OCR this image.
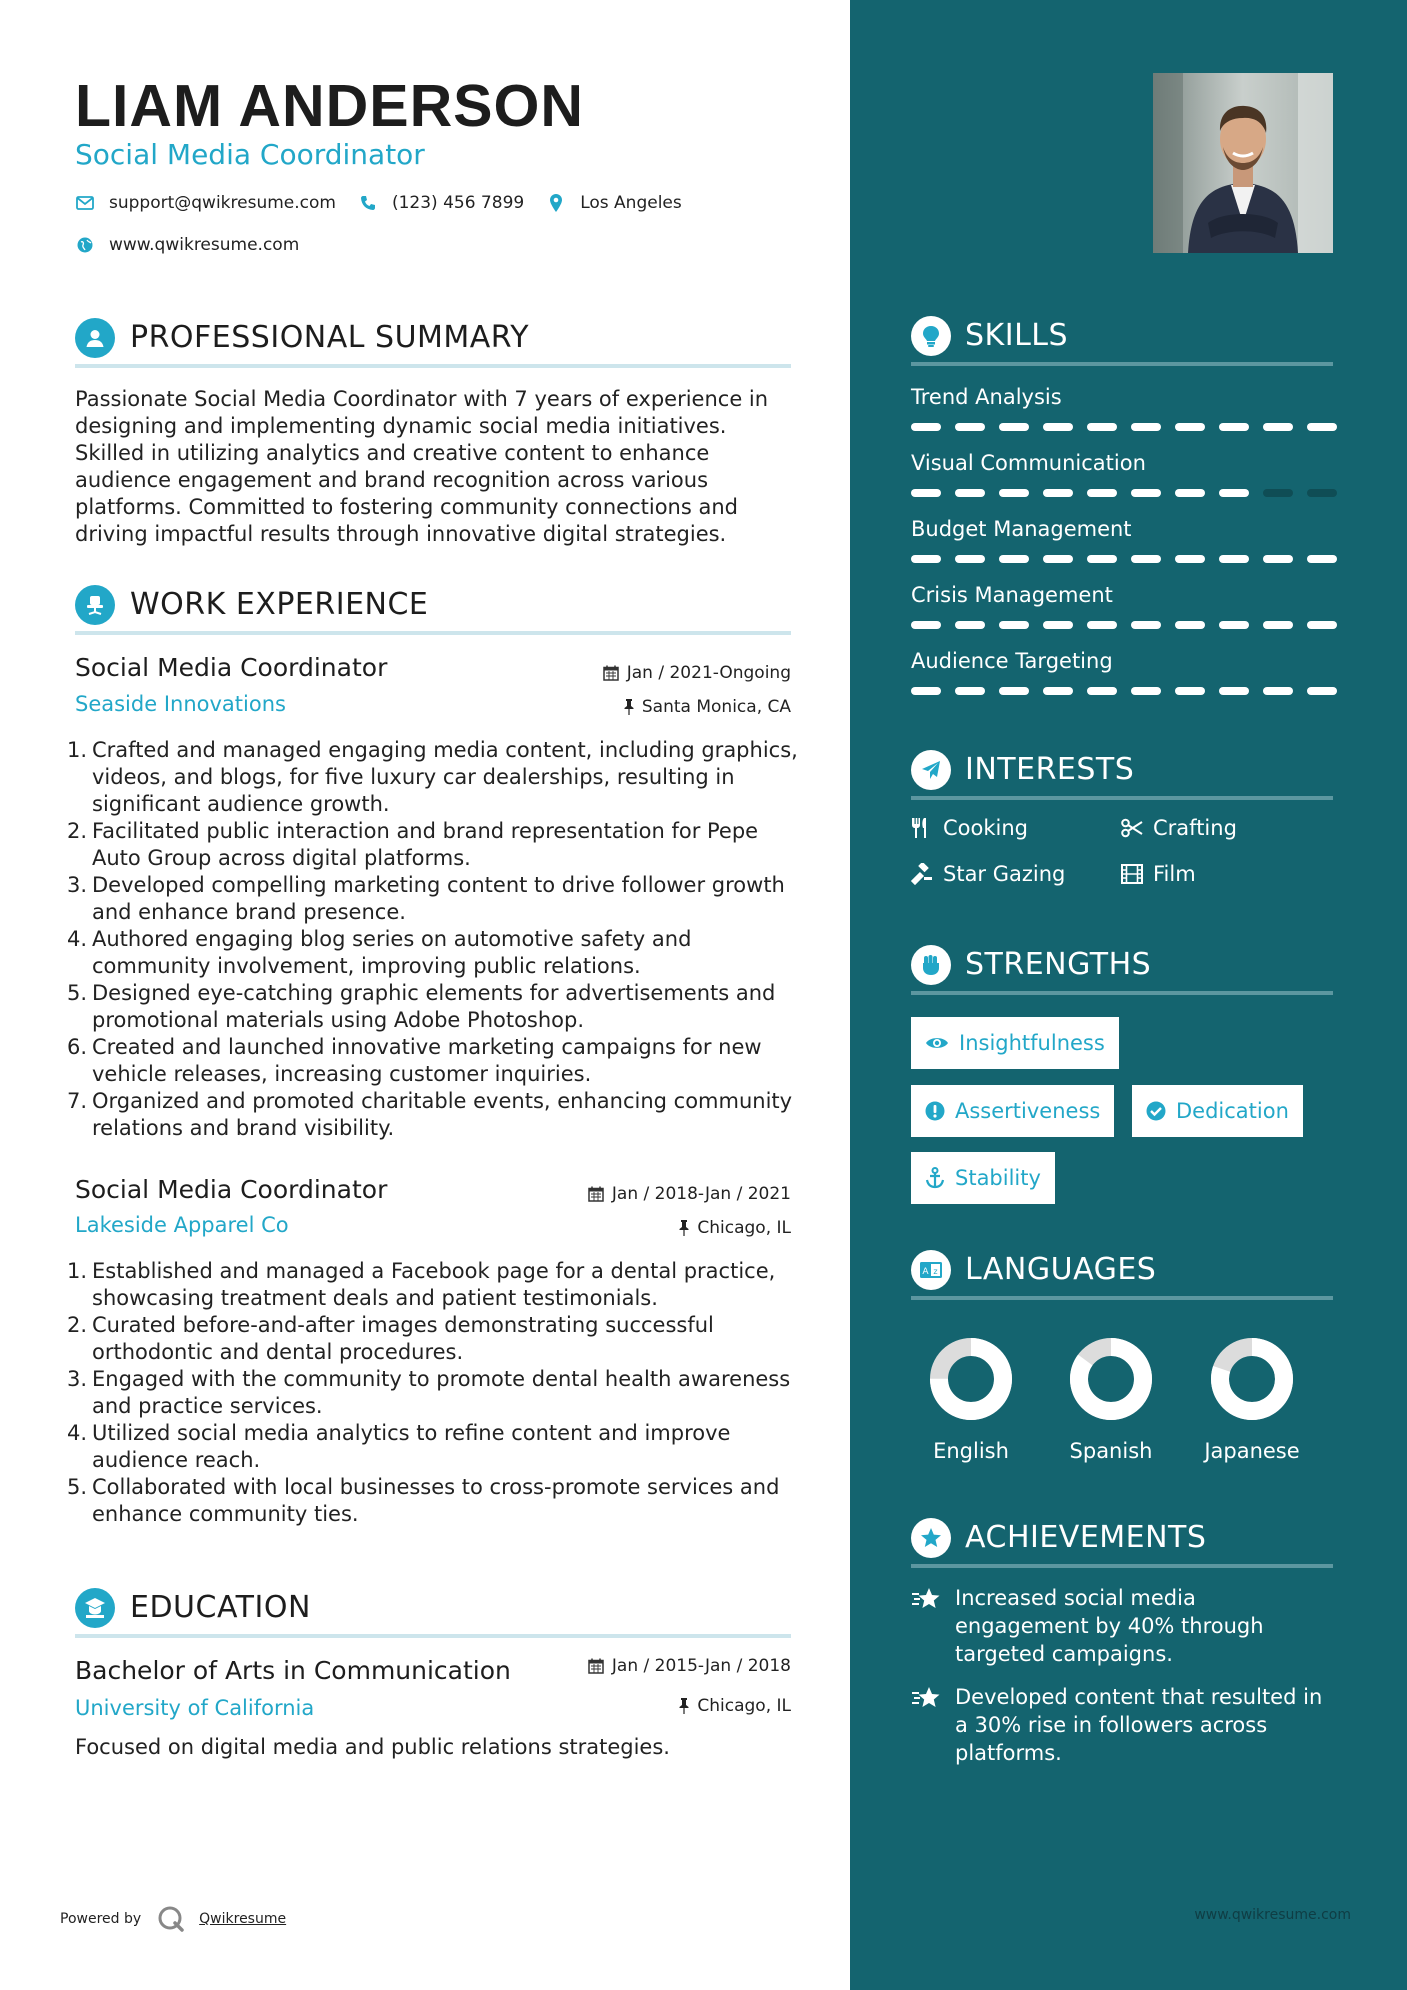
LIAM ANDERSON
Social Media Coordinator
support@qwikresume.com	(123) 456 7899	Los Angeles
www.qwikresume.com
PROFESSIONAL SUMMARY
Passionate Social Media Coordinator with 7 years of experience in designing and implementing dynamic social media initiatives. Skilled in utilizing analytics and creative content to enhance audience engagement and brand recognition across various platforms. Committed to fostering community connections and driving impactful results through innovative digital strategies.
WORK EXPERIENCE
Social Media Coordinator	Jan / 2021-Ongoing
Seaside Innovations	Santa Monica, CA
1. Crafted and managed engaging media content, including graphics, videos, and blogs, for five luxury car dealerships, resulting in significant audience growth.
2. Facilitated public interaction and brand representation for Pepe Auto Group across digital platforms.
3. Developed compelling marketing content to drive follower growth and enhance brand presence.
4. Authored engaging blog series on automotive safety and community involvement, improving public relations.
5. Designed eye-catching graphic elements for advertisements and promotional materials using Adobe Photoshop.
6. Created and launched innovative marketing campaigns for new vehicle releases, increasing customer inquiries.
7. Organized and promoted charitable events, enhancing community relations and brand visibility.
Social Media Coordinator	Jan / 2018-Jan / 2021
Lakeside Apparel Co	Chicago, IL
1. Established and managed a Facebook page for a dental practice, showcasing treatment deals and patient testimonials.
2. Curated before-and-after images demonstrating successful orthodontic and dental procedures.
3. Engaged with the community to promote dental health awareness and practice services.
4. Utilized social media analytics to refine content and improve audience reach.
5. Collaborated with local businesses to cross-promote services and enhance community ties.
EDUCATION
Bachelor of Arts in Communication	Jan / 2015-Jan / 2018
University of California	Chicago, IL
Focused on digital media and public relations strategies.
Powered by	Qwikresume
SKILLS
Trend Analysis
Visual Communication
Budget Management
Crisis Management
Audience Targeting
INTERESTS
Cooking	Crafting
Star Gazing	Film
STRENGTHS
Insightfulness
Assertiveness	Dedication
Stability
A z LANGUAGES
English	Spanish	Japanese
ACHIEVEMENTS
Increased social media engagement by 40% through targeted campaigns.
Developed content that resulted in a 30% rise in followers across platforms.
www.qwikresume.com
